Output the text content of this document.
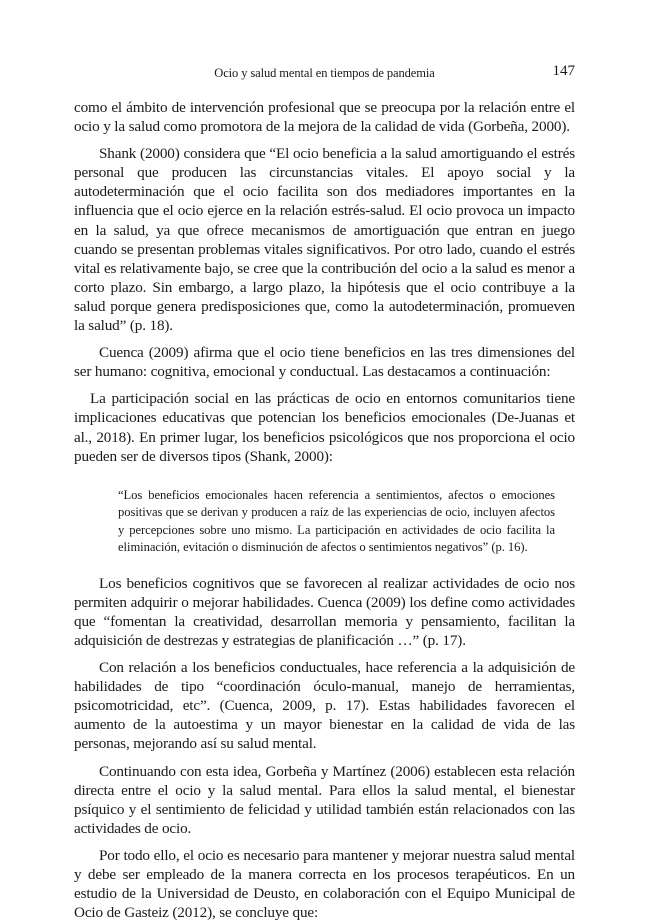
Ocio y salud mental en tiempos de pandemia	147

como el ámbito de intervención profesional que se preocupa por la relación entre el ocio y la salud como promotora de la mejora de la calidad de vida (Gorbeña, 2000).

Shank (2000) considera que “El ocio beneficia a la salud amortiguando el estrés personal que producen las circunstancias vitales. El apoyo social y la autodeterminación que el ocio facilita son dos mediadores importantes en la influencia que el ocio ejerce en la relación estrés-salud. El ocio provoca un impacto en la salud, ya que ofrece mecanismos de amortiguación que entran en juego cuando se presentan problemas vitales significativos. Por otro lado, cuando el estrés vital es relativamente bajo, se cree que la contribución del ocio a la salud es menor a corto plazo. Sin embargo, a largo plazo, la hipótesis que el ocio contribuye a la salud porque genera predisposiciones que, como la autodeterminación, promueven la salud” (p. 18).

Cuenca (2009) afirma que el ocio tiene beneficios en las tres dimensiones del ser humano: cognitiva, emocional y conductual. Las destacamos a continuación:

La participación social en las prácticas de ocio en entornos comunitarios tiene implicaciones educativas que potencian los beneficios emocionales (De-Juanas et al., 2018). En primer lugar, los beneficios psicológicos que nos proporciona el ocio pueden ser de diversos tipos (Shank, 2000):

“Los beneficios emocionales hacen referencia a sentimientos, afectos o emociones positivas que se derivan y producen a raíz de las experiencias de ocio, incluyen afectos y percepciones sobre uno mismo. La participación en actividades de ocio facilita la eliminación, evitación o disminución de afectos o sentimientos negativos” (p. 16).

Los beneficios cognitivos que se favorecen al realizar actividades de ocio nos permiten adquirir o mejorar habilidades. Cuenca (2009) los define como actividades que “fomentan la creatividad, desarrollan memoria y pensamiento, facilitan la adquisición de destrezas y estrategias de planificación …” (p. 17).

Con relación a los beneficios conductuales, hace referencia a la adquisición de habilidades de tipo “coordinación óculo-manual, manejo de herramientas, psicomotricidad, etc”. (Cuenca, 2009, p. 17). Estas habilidades favorecen el aumento de la autoestima y un mayor bienestar en la calidad de vida de las personas, mejorando así su salud mental.

Continuando con esta idea, Gorbeña y Martínez (2006) establecen esta relación directa entre el ocio y la salud mental. Para ellos la salud mental, el bienestar psíquico y el sentimiento de felicidad y utilidad también están relacionados con las actividades de ocio.

Por todo ello, el ocio es necesario para mantener y mejorar nuestra salud mental y debe ser empleado de la manera correcta en los procesos terapéuticos. En un estudio de la Universidad de Deusto, en colaboración con el Equipo Municipal de Ocio de Gasteiz (2012), se concluye que:
